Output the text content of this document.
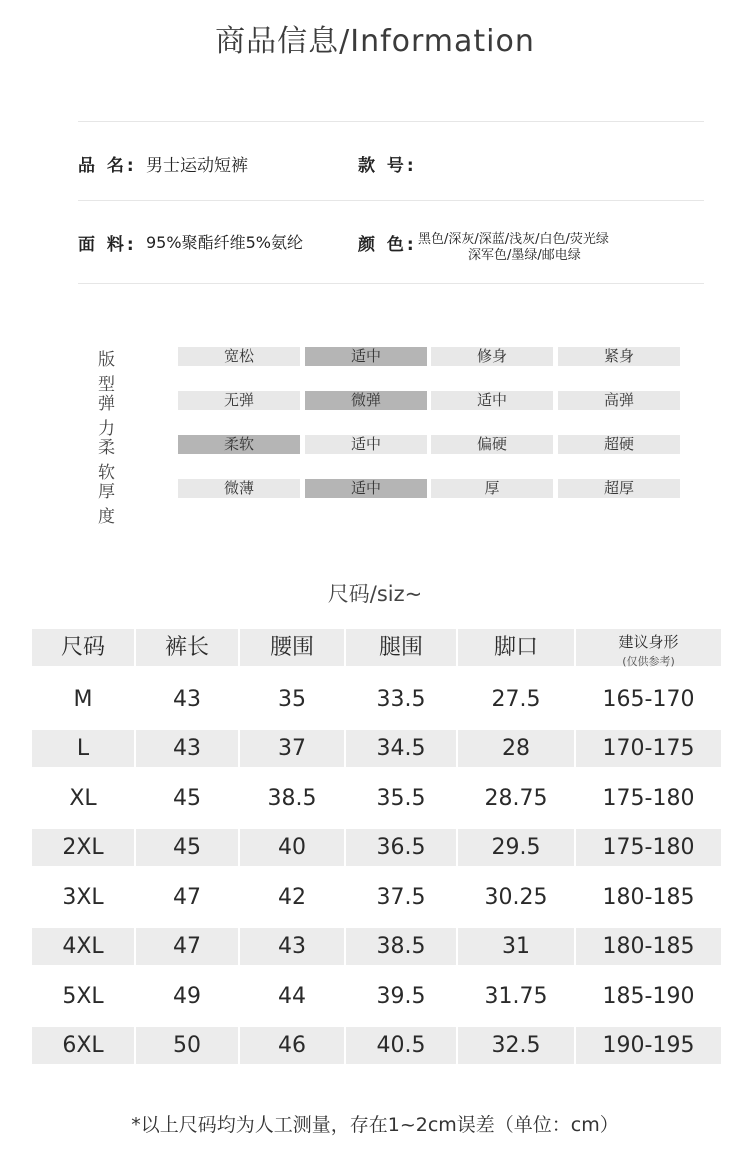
商品信息/Information
品 名: 男士运动短裤	款 号:
面 料: 95%聚酯纤维5%氨纶	颜 色: 黑色/深灰/深蓝/浅灰/白色/荧光绿
深军色/墨绿/邮电绿
版型
宽松	适中	修身	紧身
弹力
无弹	微弹	适中	高弹
柔软
柔软	适中	偏硬	超硬
厚度
微薄	适中	厚	超厚
尺码/siz~
尺码	裤长	腰围	腿围	脚口	建议身形
(仅供参考)
M	43	35	33.5	27.5	165-170
L	43	37	34.5	28	170-175
XL	45	38.5	35.5	28.75	175-180
2XL	45	40	36.5	29.5	175-180
3XL	47	42	37.5	30.25	180-185
4XL	47	43	38.5	31	180-185
5XL	49	44	39.5	31.75	185-190
6XL	50	46	40.5	32.5	190-195
*以上尺码均为人工测量，存在1~2cm误差（单位：cm）
